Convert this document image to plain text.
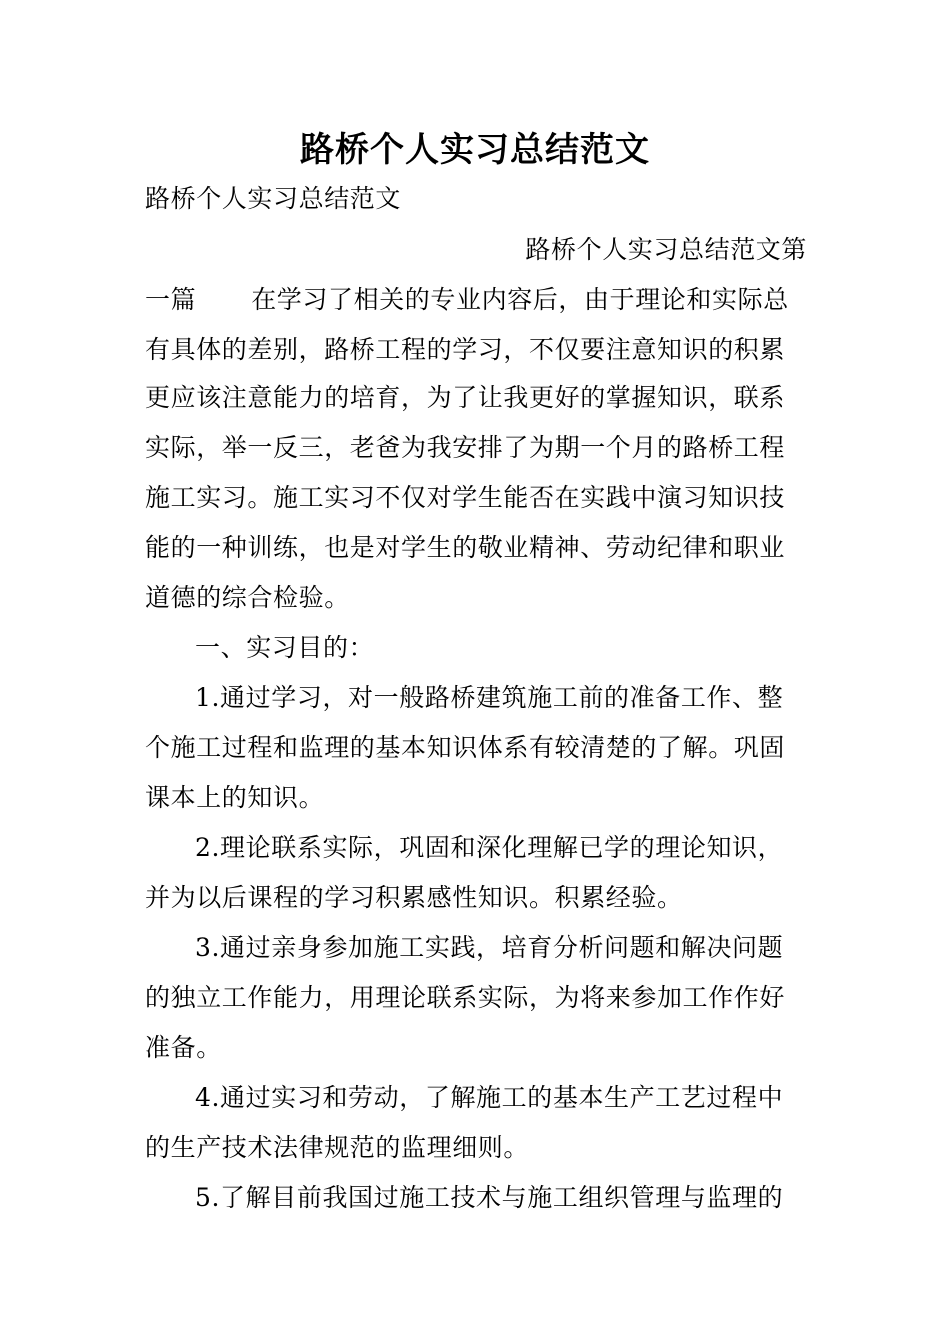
路桥个人实习总结范文
路桥个人实习总结范文
路桥个人实习总结范文第
一篇 在学习了相关的专业内容后，由于理论和实际总
有具体的差别，路桥工程的学习，不仅要注意知识的积累
更应该注意能力的培育，为了让我更好的掌握知识，联系
实际，举一反三，老爸为我安排了为期一个月的路桥工程
施工实习。施工实习不仅对学生能否在实践中演习知识技
能的一种训练，也是对学生的敬业精神、劳动纪律和职业
道德的综合检验。
一、实习目的：
1.通过学习，对一般路桥建筑施工前的准备工作、整
个施工过程和监理的基本知识体系有较清楚的了解。巩固
课本上的知识。
2.理论联系实际，巩固和深化理解已学的理论知识，
并为以后课程的学习积累感性知识。积累经验。
3.通过亲身参加施工实践，培育分析问题和解决问题
的独立工作能力，用理论联系实际，为将来参加工作作好
准备。
4.通过实习和劳动，了解施工的基本生产工艺过程中
的生产技术法律规范的监理细则。
5.了解目前我国过施工技术与施工组织管理与监理的
